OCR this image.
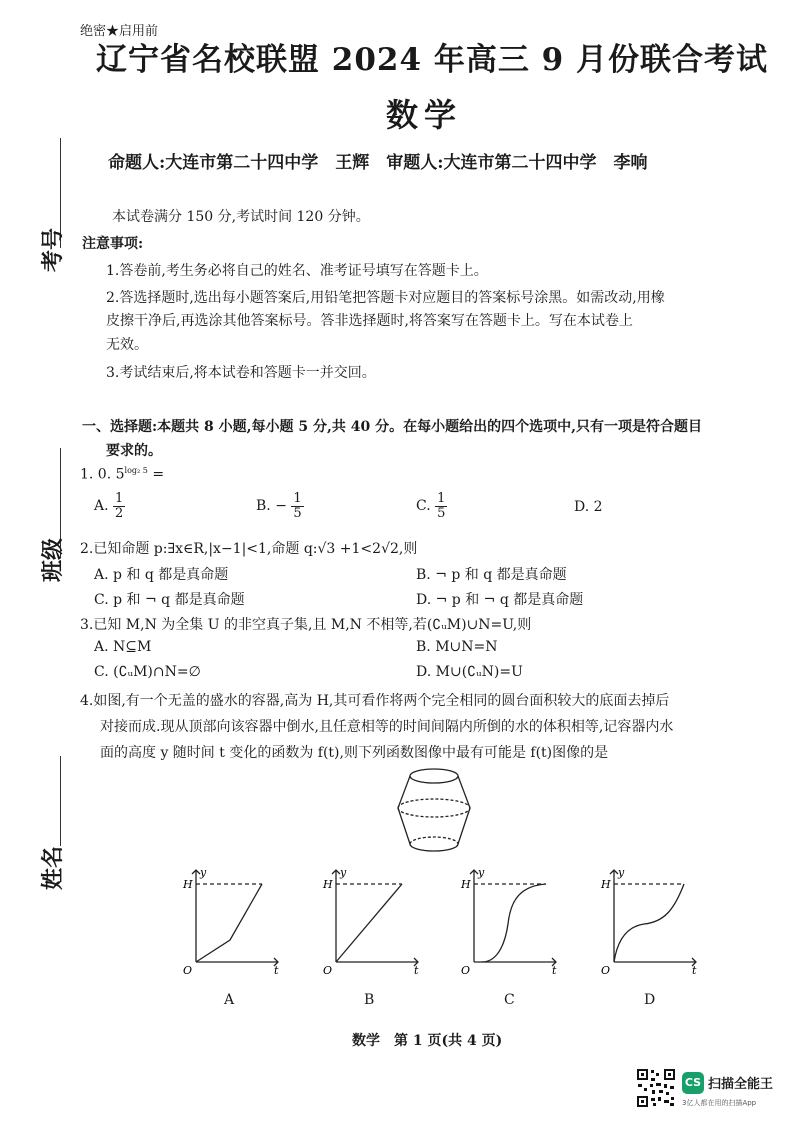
绝密★启用前
辽宁省名校联盟 2024 年高三 9 月份联合考试
数学
命题人:大连市第二十四中学　王辉　审题人:大连市第二十四中学　李响
考号
班级
姓名
本试卷满分 150 分,考试时间 120 分钟。
注意事项:
1.答卷前,考生务必将自己的姓名、准考证号填写在答题卡上。
2.答选择题时,选出每小题答案后,用铅笔把答题卡对应题目的答案标号涂黑。如需改动,用橡
皮擦干净后,再选涂其他答案标号。答非选择题时,将答案写在答题卡上。写在本试卷上
无效。
3.考试结束后,将本试卷和答题卡一并交回。
一、选择题:本题共 8 小题,每小题 5 分,共 40 分。在每小题给出的四个选项中,只有一项是符合题目
要求的。
1. 0. $5^{log_2 5}$ =
A. $\frac{1}{2}$	B. − $\frac{1}{5}$	C. $\frac{1}{5}$	D. 2
2.已知命题 p:∃x∈R,|x−1|<1,命题 q:√3 +1<2√2,则
A. p 和 q 都是真命题	B. ¬ p 和 q 都是真命题
C. p 和 ¬ q 都是真命题	D. ¬ p 和 ¬ q 都是真命题
3.已知 M,N 为全集 U 的非空真子集,且 M,N 不相等,若(∁ᵤM)∪N=U,则
A. N⊆M	B. M∪N=N
C. (∁ᵤM)∩N=∅	D. M∪(∁ᵤN)=U
4.如图,有一个无盖的盛水的容器,高为 H,其可看作将两个完全相同的圆台面积较大的底面去掉后
对接而成.现从顶部向该容器中倒水,且任意相等的时间间隔内所倒的水的体积相等,记容器内水
面的高度 y 随时间 t 变化的函数为 f(t),则下列函数图像中最有可能是 f(t)图像的是
y
H
O	t
y
H
O	t
y
H
O	t
y
H
O	t
A	B	C	D
数学　第 1 页(共 4 页)
CS 扫描全能王
3亿人都在用的扫描App
